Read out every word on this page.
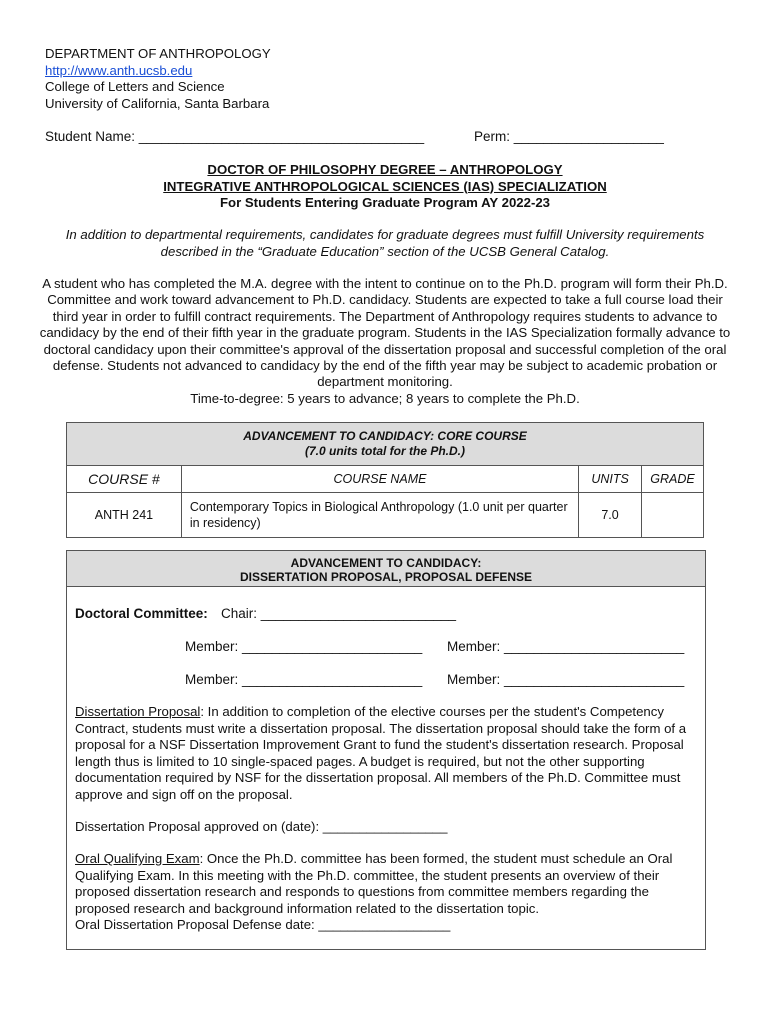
DEPARTMENT OF ANTHROPOLOGY
http://www.anth.ucsb.edu
College of Letters and Science
University of California, Santa Barbara
Student Name: ______________________________________	Perm: ____________________
DOCTOR OF PHILOSOPHY DEGREE – ANTHROPOLOGY
INTEGRATIVE ANTHROPOLOGICAL SCIENCES (IAS) SPECIALIZATION
For Students Entering Graduate Program AY 2022-23
In addition to departmental requirements, candidates for graduate degrees must fulfill University requirements described in the “Graduate Education” section of the UCSB General Catalog.
A student who has completed the M.A. degree with the intent to continue on to the Ph.D. program will form their Ph.D. Committee and work toward advancement to Ph.D. candidacy. Students are expected to take a full course load their third year in order to fulfill contract requirements. The Department of Anthropology requires students to advance to candidacy by the end of their fifth year in the graduate program. Students in the IAS Specialization formally advance to doctoral candidacy upon their committee's approval of the dissertation proposal and successful completion of the oral defense. Students not advanced to candidacy by the end of the fifth year may be subject to academic probation or department monitoring.
Time-to-degree: 5 years to advance; 8 years to complete the Ph.D.
ADVANCEMENT TO CANDIDACY: CORE COURSE
(7.0 units total for the Ph.D.)			

COURSE #	COURSE NAME	UNITS	GRADE
ANTH 241	Contemporary Topics in Biological Anthropology (1.0 unit per quarter in residency)	7.0	
ADVANCEMENT TO CANDIDACY:
DISSERTATION PROPOSAL, PROPOSAL DEFENSE
Doctoral Committee: Chair: __________________________
Member: ________________________ Member: ________________________
Member: ________________________ Member: ________________________
Dissertation Proposal: In addition to completion of the elective courses per the student's Competency Contract, students must write a dissertation proposal. The dissertation proposal should take the form of a proposal for a NSF Dissertation Improvement Grant to fund the student's dissertation research. Proposal length thus is limited to 10 single-spaced pages. A budget is required, but not the other supporting documentation required by NSF for the dissertation proposal. All members of the Ph.D. Committee must approve and sign off on the proposal.
Dissertation Proposal approved on (date): _________________
Oral Qualifying Exam: Once the Ph.D. committee has been formed, the student must schedule an Oral Qualifying Exam. In this meeting with the Ph.D. committee, the student presents an overview of their proposed dissertation research and responds to questions from committee members regarding the proposed research and background information related to the dissertation topic.
Oral Dissertation Proposal Defense date: __________________
